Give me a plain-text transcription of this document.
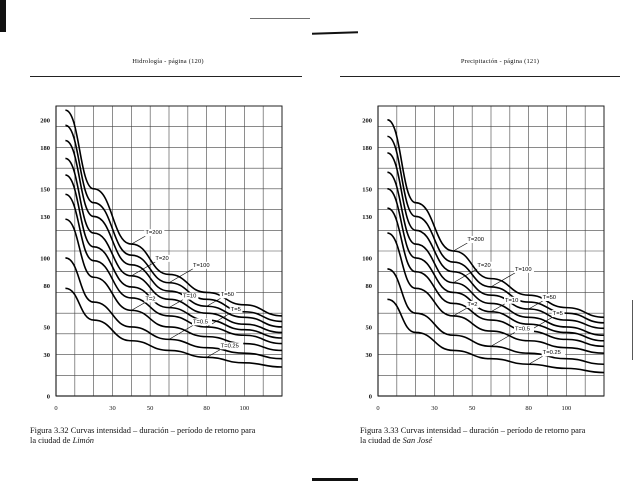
Hidrología - página (120)
0
30
50
80
100
130
150
180
200
0	30	50	80	100
T=200
T=100
T=50
T=20
T=10
T=5
T=2
T=0.5
T=0.25
Figura 3.32 Curvas intensidad – duración – período de retorno para
la ciudad de Limón
Precipitación - página (121)
0
30
50
80
100
130
150
180
200
0	30	50	80	100
T=200
T=100
T=50
T=20
T=10
T=5
T=2
T=0.5
T=0.25
Figura 3.33 Curvas intensidad – duración – período de retorno para
la ciudad de San José
